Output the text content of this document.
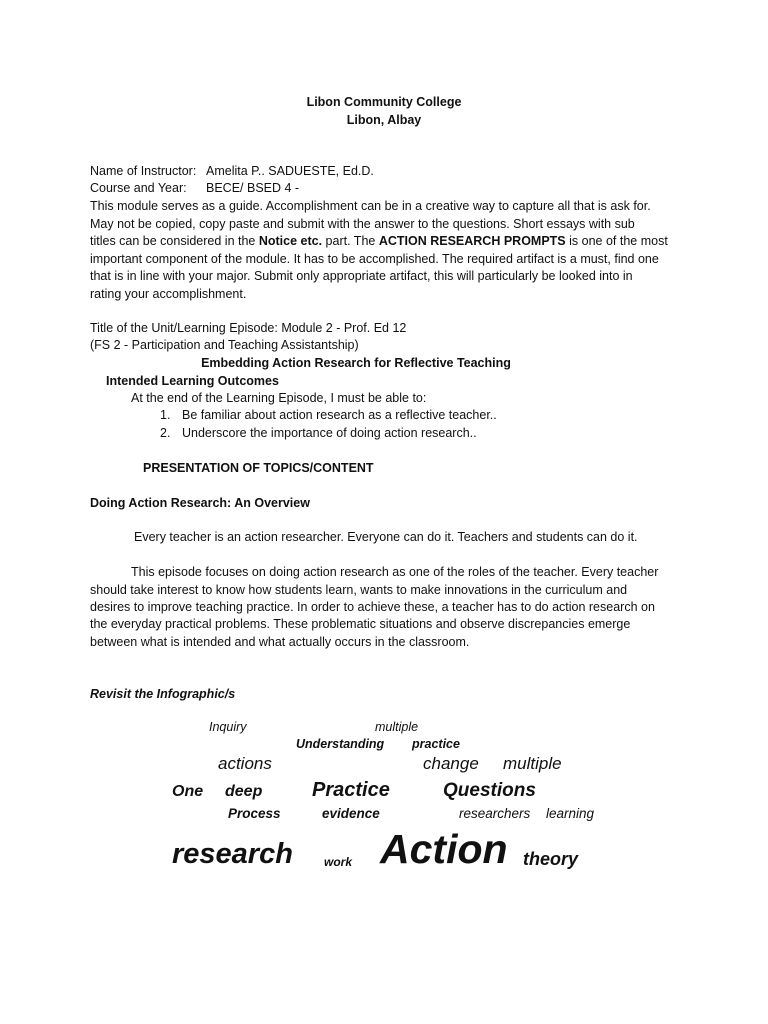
Libon Community College
Libon, Albay
Name of Instructor: Amelita P.. SADUESTE, Ed.D.
Course and Year: BECE/ BSED 4 -
This module serves as a guide. Accomplishment can be in a creative way to capture all that is ask for.
May not be copied, copy paste and submit with the answer to the questions. Short essays with sub
titles can be considered in the Notice etc. part. The ACTION RESEARCH PROMPTS is one of the most
important component of the module. It has to be accomplished. The required artifact is a must, find one
that is in line with your major. Submit only appropriate artifact, this will particularly be looked into in
rating your accomplishment.
Title of the Unit/Learning Episode: Module 2 - Prof. Ed 12
(FS 2 - Participation and Teaching Assistantship)
Embedding Action Research for Reflective Teaching
Intended Learning Outcomes
At the end of the Learning Episode, I must be able to:
1. Be familiar about action research as a reflective teacher..
2. Underscore the importance of doing action research..
PRESENTATION OF TOPICS/CONTENT
Doing Action Research: An Overview
Every teacher is an action researcher. Everyone can do it. Teachers and students can do it.
This episode focuses on doing action research as one of the roles of the teacher. Every teacher
should take interest to know how students learn, wants to make innovations in the curriculum and
desires to improve teaching practice. In order to achieve these, a teacher has to do action research on
the everyday practical problems. These problematic situations and observe discrepancies emerge
between what is intended and what actually occurs in the classroom.
Revisit the Infographic/s
Inquiry	multiple
Understanding practice
actions	change multiple
One deep Practice	Questions
Process	evidence	researchers learning
research	work Action theory
